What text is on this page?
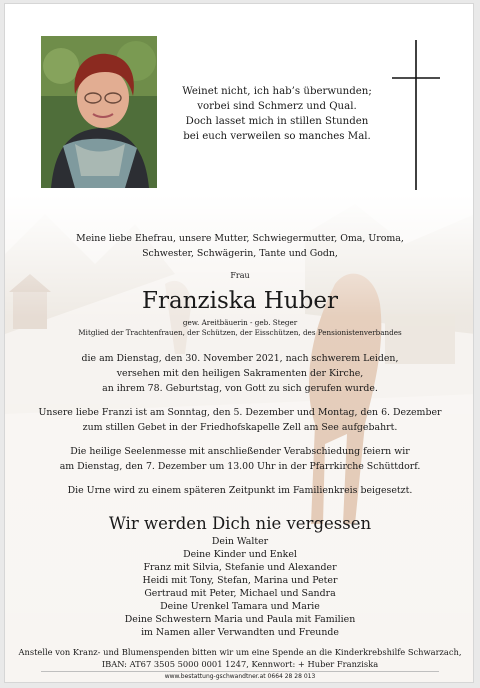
Weinet nicht, ich hab’s überwunden;
vorbei sind Schmerz und Qual.
Doch lasset mich in stillen Stunden
bei euch verweilen so manches Mal.
Meine liebe Ehefrau, unsere Mutter, Schwiegermutter, Oma, Uroma,
Schwester, Schwägerin, Tante und Godn,
Frau
Franziska Huber
gew. Areitbäuerin - geb. Steger
Mitglied der Trachtenfrauen, der Schützen, der Eisschützen, des Pensionistenverbandes
die am Dienstag, den 30. November 2021, nach schwerem Leiden,
versehen mit den heiligen Sakramenten der Kirche,
an ihrem 78. Geburtstag, von Gott zu sich gerufen wurde.
Unsere liebe Franzi ist am Sonntag, den 5. Dezember und Montag, den 6. Dezember
zum stillen Gebet in der Friedhofskapelle Zell am See aufgebahrt.
Die heilige Seelenmesse mit anschließender Verabschiedung feiern wir
am Dienstag, den 7. Dezember um 13.00 Uhr in der Pfarrkirche Schüttdorf.
Die Urne wird zu einem späteren Zeitpunkt im Familienkreis beigesetzt.
Wir werden Dich nie vergessen
Dein Walter
Deine Kinder und Enkel
Franz mit Silvia, Stefanie und Alexander
Heidi mit Tony, Stefan, Marina und Peter
Gertraud mit Peter, Michael und Sandra
Deine Urenkel Tamara und Marie
Deine Schwestern Maria und Paula mit Familien
im Namen aller Verwandten und Freunde
Anstelle von Kranz- und Blumenspenden bitten wir um eine Spende an die Kinderkrebshilfe Schwarzach,
IBAN: AT67 3505 5000 0001 1247, Kennwort: + Huber Franziska
www.bestattung-gschwandtner.at 0664 28 28 013
